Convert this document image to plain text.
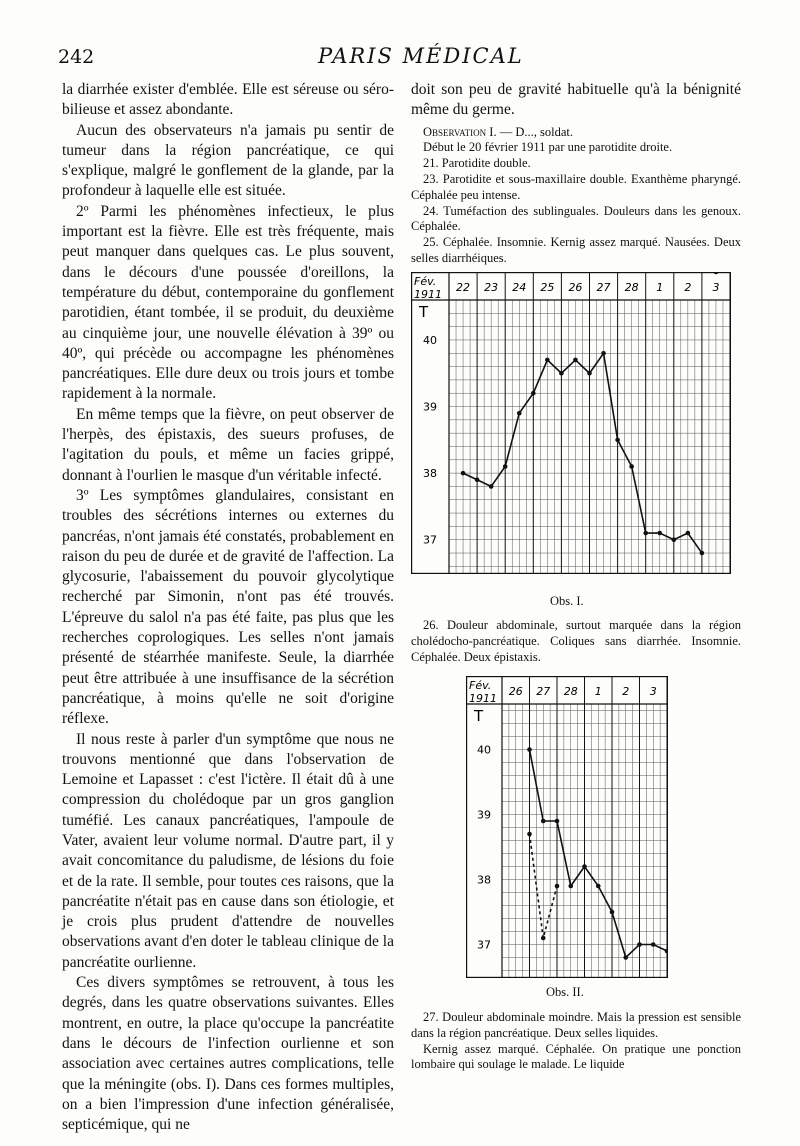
242	PARIS MÉDICAL

la diarrhée exister d'emblée. Elle est séreuse ou séro-bilieuse et assez abondante.

Aucun des observateurs n'a jamais pu sentir de tumeur dans la région pancréatique, ce qui s'explique, malgré le gonflement de la glande, par la profondeur à laquelle elle est située.

2º Parmi les phénomènes infectieux, le plus important est la fièvre. Elle est très fréquente, mais peut manquer dans quelques cas. Le plus souvent, dans le décours d'une poussée d'oreillons, la température du début, contemporaine du gonflement parotidien, étant tombée, il se produit, du deuxième au cinquième jour, une nouvelle élévation à 39º ou 40º, qui précède ou accompagne les phénomènes pancréatiques. Elle dure deux ou trois jours et tombe rapidement à la normale.

En même temps que la fièvre, on peut observer de l'herpès, des épistaxis, des sueurs profuses, de l'agitation du pouls, et même un facies grippé, donnant à l'ourlien le masque d'un véritable infecté.

3º Les symptômes glandulaires, consistant en troubles des sécrétions internes ou externes du pancréas, n'ont jamais été constatés, probablement en raison du peu de durée et de gravité de l'affection. La glycosurie, l'abaissement du pouvoir glycolytique recherché par Simonin, n'ont pas été trouvés. L'épreuve du salol n'a pas été faite, pas plus que les recherches coprologiques. Les selles n'ont jamais présenté de stéarrhée manifeste. Seule, la diarrhée peut être attribuée à une insuffisance de la sécrétion pancréatique, à moins qu'elle ne soit d'origine réflexe.

Il nous reste à parler d'un symptôme que nous ne trouvons mentionné que dans l'observation de Lemoine et Lapasset : c'est l'ictère. Il était dû à une compression du cholédoque par un gros ganglion tuméfié. Les canaux pancréatiques, l'ampoule de Vater, avaient leur volume normal. D'autre part, il y avait concomitance du paludisme, de lésions du foie et de la rate. Il semble, pour toutes ces raisons, que la pancréatite n'était pas en cause dans son étiologie, et je crois plus prudent d'attendre de nouvelles observations avant d'en doter le tableau clinique de la pancréatite ourlienne.

Ces divers symptômes se retrouvent, à tous les degrés, dans les quatre observations suivantes. Elles montrent, en outre, la place qu'occupe la pancréatite dans le décours de l'infection ourlienne et son association avec certaines autres complications, telle que la méningite (obs. I). Dans ces formes multiples, on a bien l'impression d'une infection généralisée, septicémique, qui ne

doit son peu de gravité habituelle qu'à la bénignité même du germe.

Observation I. — D..., soldat.

Début le 20 février 1911 par une parotidite droite.

21. Parotidite double.

23. Parotidite et sous-maxillaire double. Exanthème pharyngé. Céphalée peu intense.

24. Tuméfaction des sublinguales. Douleurs dans les genoux. Céphalée.

25. Céphalée. Insomnie. Kernig assez marqué. Nausées. Deux selles diarrhéiques.

Fév.
1911
T
22 23 24 25 26 27 28 1 2 3
40
39
38
37
Obs. I.

26. Douleur abdominale, surtout marquée dans la région cholédocho-pancréatique. Coliques sans diarrhée. Insomnie. Céphalée. Deux épistaxis.

Fév.
1911
T
26 27 28 1 2 3
40
39
38
37
Obs. II.

27. Douleur abdominale moindre. Mais la pression est sensible dans la région pancréatique. Deux selles liquides.

Kernig assez marqué. Céphalée. On pratique une ponction lombaire qui soulage le malade. Le liquide
